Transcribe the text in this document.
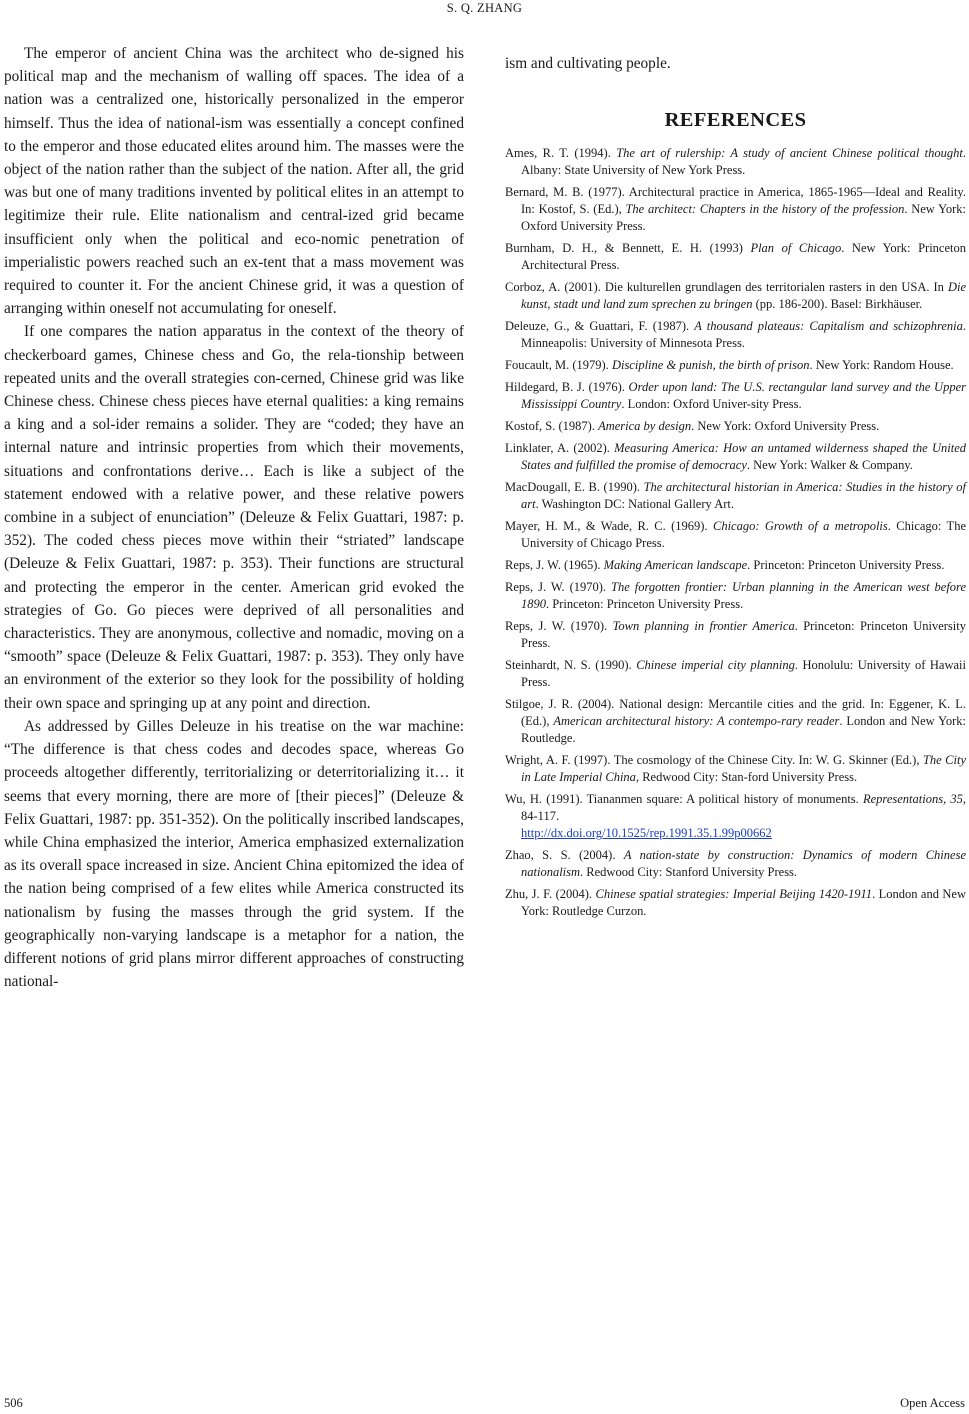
S. Q. ZHANG

The emperor of ancient China was the architect who de-signed his political map and the mechanism of walling off spaces. The idea of a nation was a centralized one, historically personalized in the emperor himself. Thus the idea of national-ism was essentially a concept confined to the emperor and those educated elites around him. The masses were the object of the nation rather than the subject of the nation. After all, the grid was but one of many traditions invented by political elites in an attempt to legitimize their rule. Elite nationalism and central-ized grid became insufficient only when the political and eco-nomic penetration of imperialistic powers reached such an ex-tent that a mass movement was required to counter it. For the ancient Chinese grid, it was a question of arranging within oneself not accumulating for oneself.

If one compares the nation apparatus in the context of the theory of checkerboard games, Chinese chess and Go, the rela-tionship between repeated units and the overall strategies con-cerned, Chinese grid was like Chinese chess. Chinese chess pieces have eternal qualities: a king remains a king and a sol-ider remains a solider. They are “coded; they have an internal nature and intrinsic properties from which their movements, situations and confrontations derive… Each is like a subject of the statement endowed with a relative power, and these relative powers combine in a subject of enunciation” (Deleuze & Felix Guattari, 1987: p. 352). The coded chess pieces move within their “striated” landscape (Deleuze & Felix Guattari, 1987: p. 353). Their functions are structural and protecting the emperor in the center. American grid evoked the strategies of Go. Go pieces were deprived of all personalities and characteristics. They are anonymous, collective and nomadic, moving on a “smooth” space (Deleuze & Felix Guattari, 1987: p. 353). They only have an environment of the exterior so they look for the possibility of holding their own space and springing up at any point and direction.

As addressed by Gilles Deleuze in his treatise on the war machine: “The difference is that chess codes and decodes space, whereas Go proceeds altogether differently, territorializing or deterritorializing it… it seems that every morning, there are more of [their pieces]” (Deleuze & Felix Guattari, 1987: pp. 351-352). On the politically inscribed landscapes, while China emphasized the interior, America emphasized externalization as its overall space increased in size. Ancient China epitomized the idea of the nation being comprised of a few elites while America constructed its nationalism by fusing the masses through the grid system. If the geographically non-varying landscape is a metaphor for a nation, the different notions of grid plans mirror different approaches of constructing national-

ism and cultivating people.

REFERENCES
Ames, R. T. (1994). The art of rulership: A study of ancient Chinese political thought. Albany: State University of New York Press.
Bernard, M. B. (1977). Architectural practice in America, 1865-1965—Ideal and Reality. In: Kostof, S. (Ed.), The architect: Chapters in the history of the profession. New York: Oxford University Press.
Burnham, D. H., & Bennett, E. H. (1993) Plan of Chicago. New York: Princeton Architectural Press.
Corboz, A. (2001). Die kulturellen grundlagen des territorialen rasters in den USA. In Die kunst, stadt und land zum sprechen zu bringen (pp. 186-200). Basel: Birkhäuser.
Deleuze, G., & Guattari, F. (1987). A thousand plateaus: Capitalism and schizophrenia. Minneapolis: University of Minnesota Press.
Foucault, M. (1979). Discipline & punish, the birth of prison. New York: Random House.
Hildegard, B. J. (1976). Order upon land: The U.S. rectangular land survey and the Upper Mississippi Country. London: Oxford Univer-sity Press.
Kostof, S. (1987). America by design. New York: Oxford University Press.
Linklater, A. (2002). Measuring America: How an untamed wilderness shaped the United States and fulfilled the promise of democracy. New York: Walker & Company.
MacDougall, E. B. (1990). The architectural historian in America: Studies in the history of art. Washington DC: National Gallery Art.
Mayer, H. M., & Wade, R. C. (1969). Chicago: Growth of a metropolis. Chicago: The University of Chicago Press.
Reps, J. W. (1965). Making American landscape. Princeton: Princeton University Press.
Reps, J. W. (1970). The forgotten frontier: Urban planning in the American west before 1890. Princeton: Princeton University Press.
Reps, J. W. (1970). Town planning in frontier America. Princeton: Princeton University Press.
Steinhardt, N. S. (1990). Chinese imperial city planning. Honolulu: University of Hawaii Press.
Stilgoe, J. R. (2004). National design: Mercantile cities and the grid. In: Eggener, K. L. (Ed.), American architectural history: A contempo-rary reader. London and New York: Routledge.
Wright, A. F. (1997). The cosmology of the Chinese City. In: W. G. Skinner (Ed.), The City in Late Imperial China, Redwood City: Stan-ford University Press.
Wu, H. (1991). Tiananmen square: A political history of monuments. Representations, 35, 84-117.
http://dx.doi.org/10.1525/rep.1991.35.1.99p00662
Zhao, S. S. (2004). A nation-state by construction: Dynamics of modern Chinese nationalism. Redwood City: Stanford University Press.
Zhu, J. F. (2004). Chinese spatial strategies: Imperial Beijing 1420-1911. London and New York: Routledge Curzon.
506	Open Access
